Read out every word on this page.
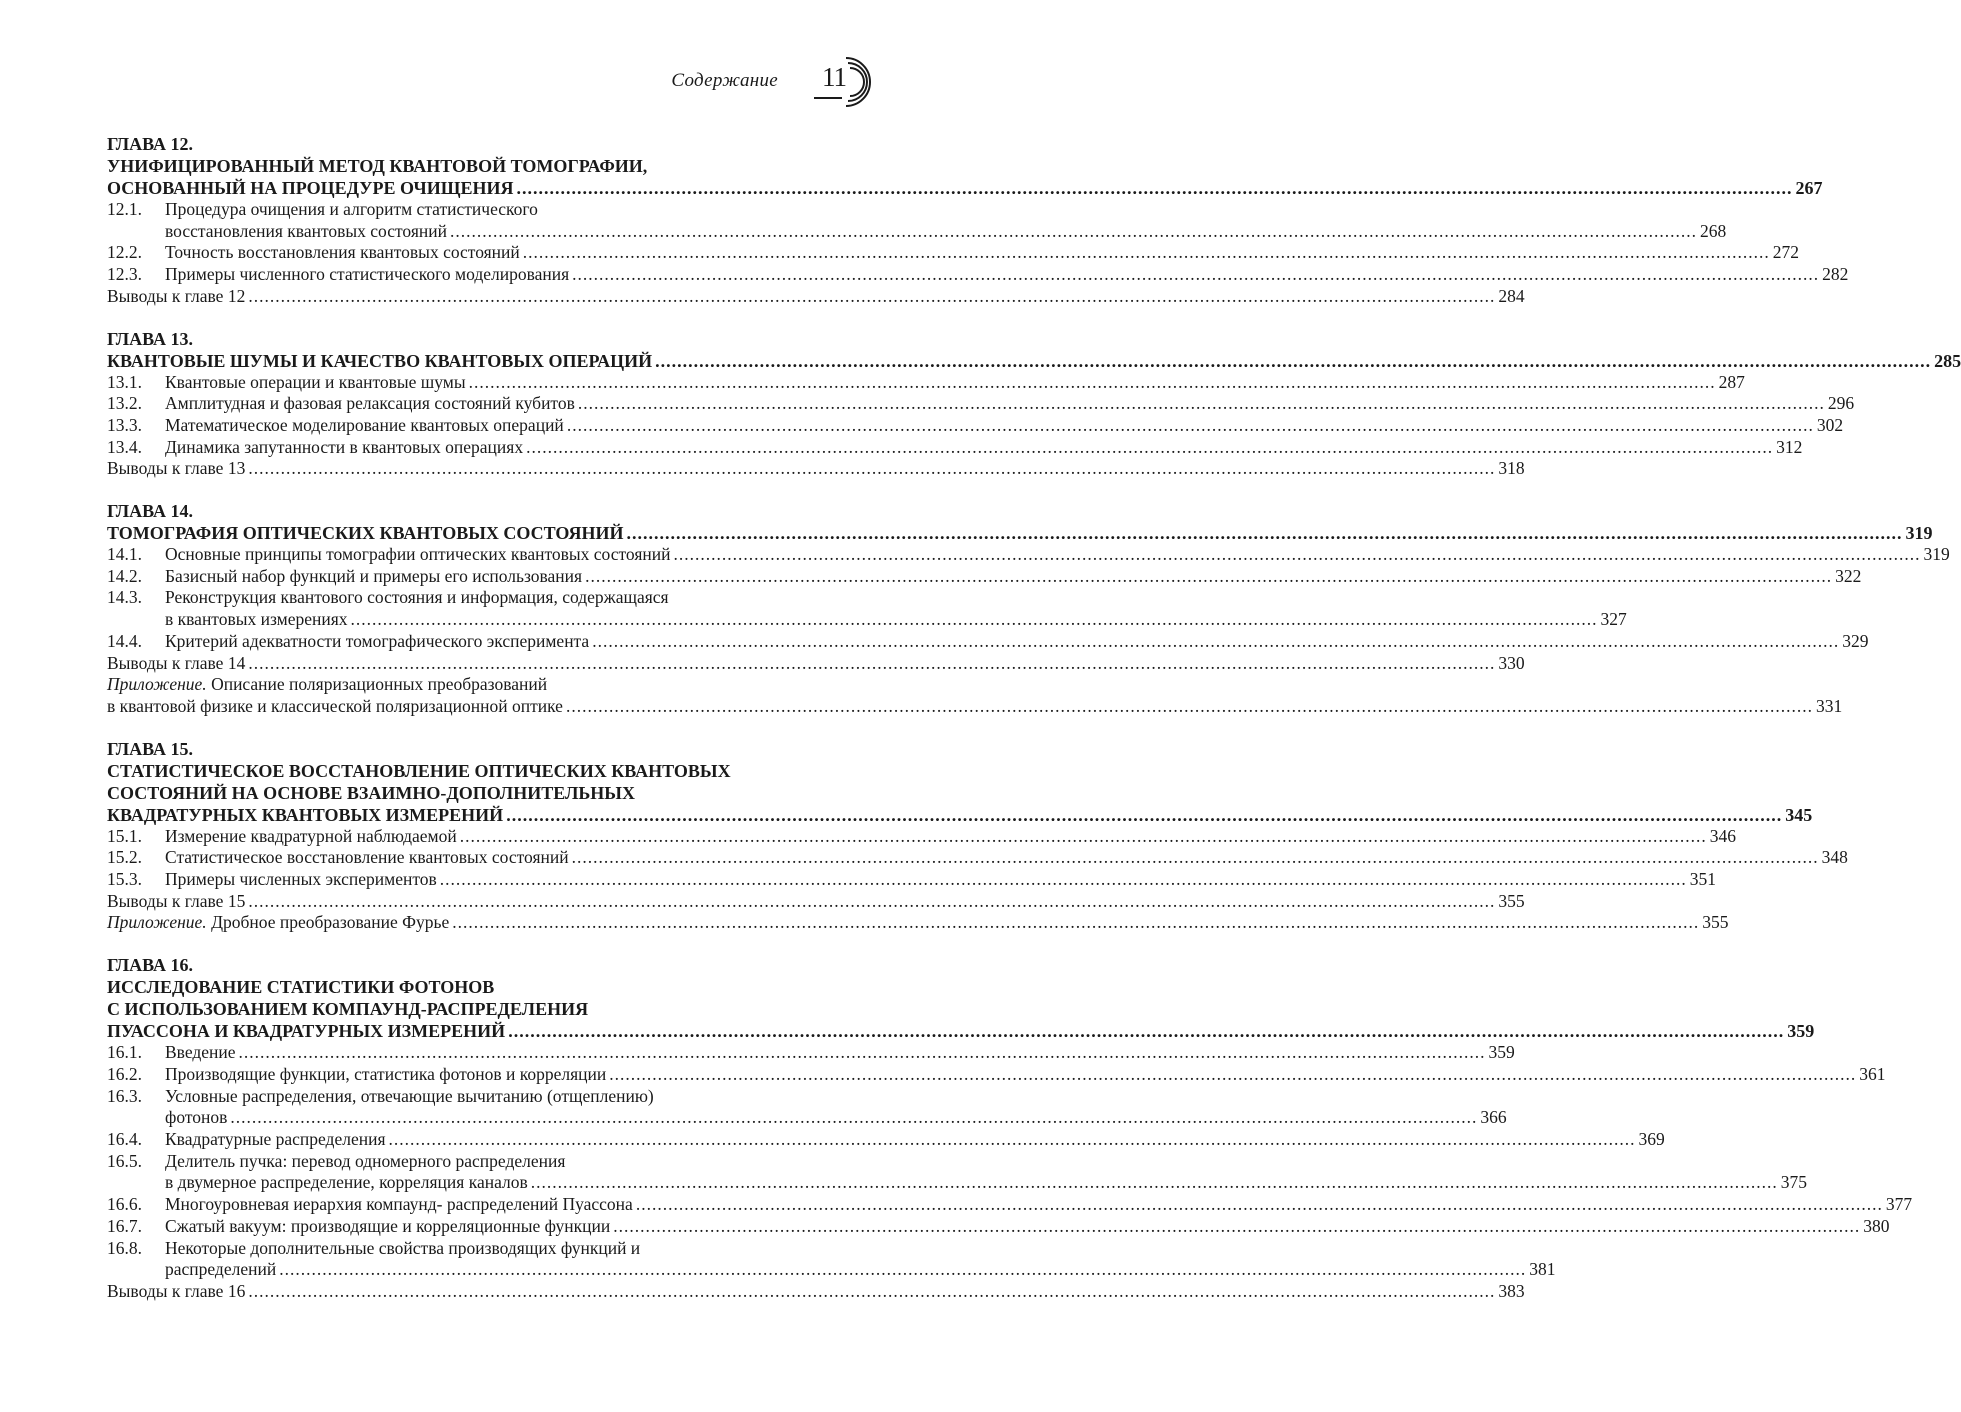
Содержание 11
ГЛАВА 12.
УНИФИЦИРОВАННЫЙ МЕТОД КВАНТОВОЙ ТОМОГРАФИИ,
ОСНОВАННЫЙ НА ПРОЦЕДУРЕ ОЧИЩЕНИЯ .....	267
12.1.	Процедура очищения и алгоритм статистического
восстановления квантовых состояний .....	268
12.2.	Точность восстановления квантовых состояний .....	272
12.3.	Примеры численного статистического моделирования .....	282
Выводы к главе 12 .....	284
ГЛАВА 13.
КВАНТОВЫЕ ШУМЫ И КАЧЕСТВО КВАНТОВЫХ ОПЕРАЦИЙ .....	285
13.1.	Квантовые операции и квантовые шумы .....	287
13.2.	Амплитудная и фазовая релаксация состояний кубитов .....	296
13.3.	Математическое моделирование квантовых операций .....	302
13.4.	Динамика запутанности в квантовых операциях .....	312
Выводы к главе 13 .....	318
ГЛАВА 14.
ТОМОГРАФИЯ ОПТИЧЕСКИХ КВАНТОВЫХ СОСТОЯНИЙ .....	319
14.1.	Основные принципы томографии оптических квантовых состояний .....	319
14.2.	Базисный набор функций и примеры его использования .....	322
14.3.	Реконструкция квантового состояния и информация, содержащаяся
в квантовых измерениях .....	327
14.4.	Критерий адекватности томографического эксперимента .....	329
Выводы к главе 14 .....	330
Приложение. Описание поляризационных преобразований
в квантовой физике и классической поляризационной оптике .....	331
ГЛАВА 15.
СТАТИСТИЧЕСКОЕ ВОССТАНОВЛЕНИЕ ОПТИЧЕСКИХ КВАНТОВЫХ
СОСТОЯНИЙ НА ОСНОВЕ ВЗАИМНО-ДОПОЛНИТЕЛЬНЫХ
КВАДРАТУРНЫХ КВАНТОВЫХ ИЗМЕРЕНИЙ .....	345
15.1.	Измерение квадратурной наблюдаемой .....	346
15.2.	Статистическое восстановление квантовых состояний .....	348
15.3.	Примеры численных экспериментов .....	351
Выводы к главе 15 .....	355
Приложение. Дробное преобразование Фурье .....	355
ГЛАВА 16.
ИССЛЕДОВАНИЕ СТАТИСТИКИ ФОТОНОВ
С ИСПОЛЬЗОВАНИЕМ КОМПАУНД-РАСПРЕДЕЛЕНИЯ
ПУАССОНА И КВАДРАТУРНЫХ ИЗМЕРЕНИЙ .....	359
16.1.	Введение .....	359
16.2.	Производящие функции, статистика фотонов и корреляции .....	361
16.3.	Условные распределения, отвечающие вычитанию (отщеплению)
фотонов .....	366
16.4.	Квадратурные распределения .....	369
16.5.	Делитель пучка: перевод одномерного распределения
в двумерное распределение, корреляция каналов .....	375
16.6.	Многоуровневая иерархия компаунд- распределений Пуассона .....	377
16.7.	Сжатый вакуум: производящие и корреляционные функции .....	380
16.8.	Некоторые дополнительные свойства производящих функций и
распределений .....	381
Выводы к главе 16 .....	383
